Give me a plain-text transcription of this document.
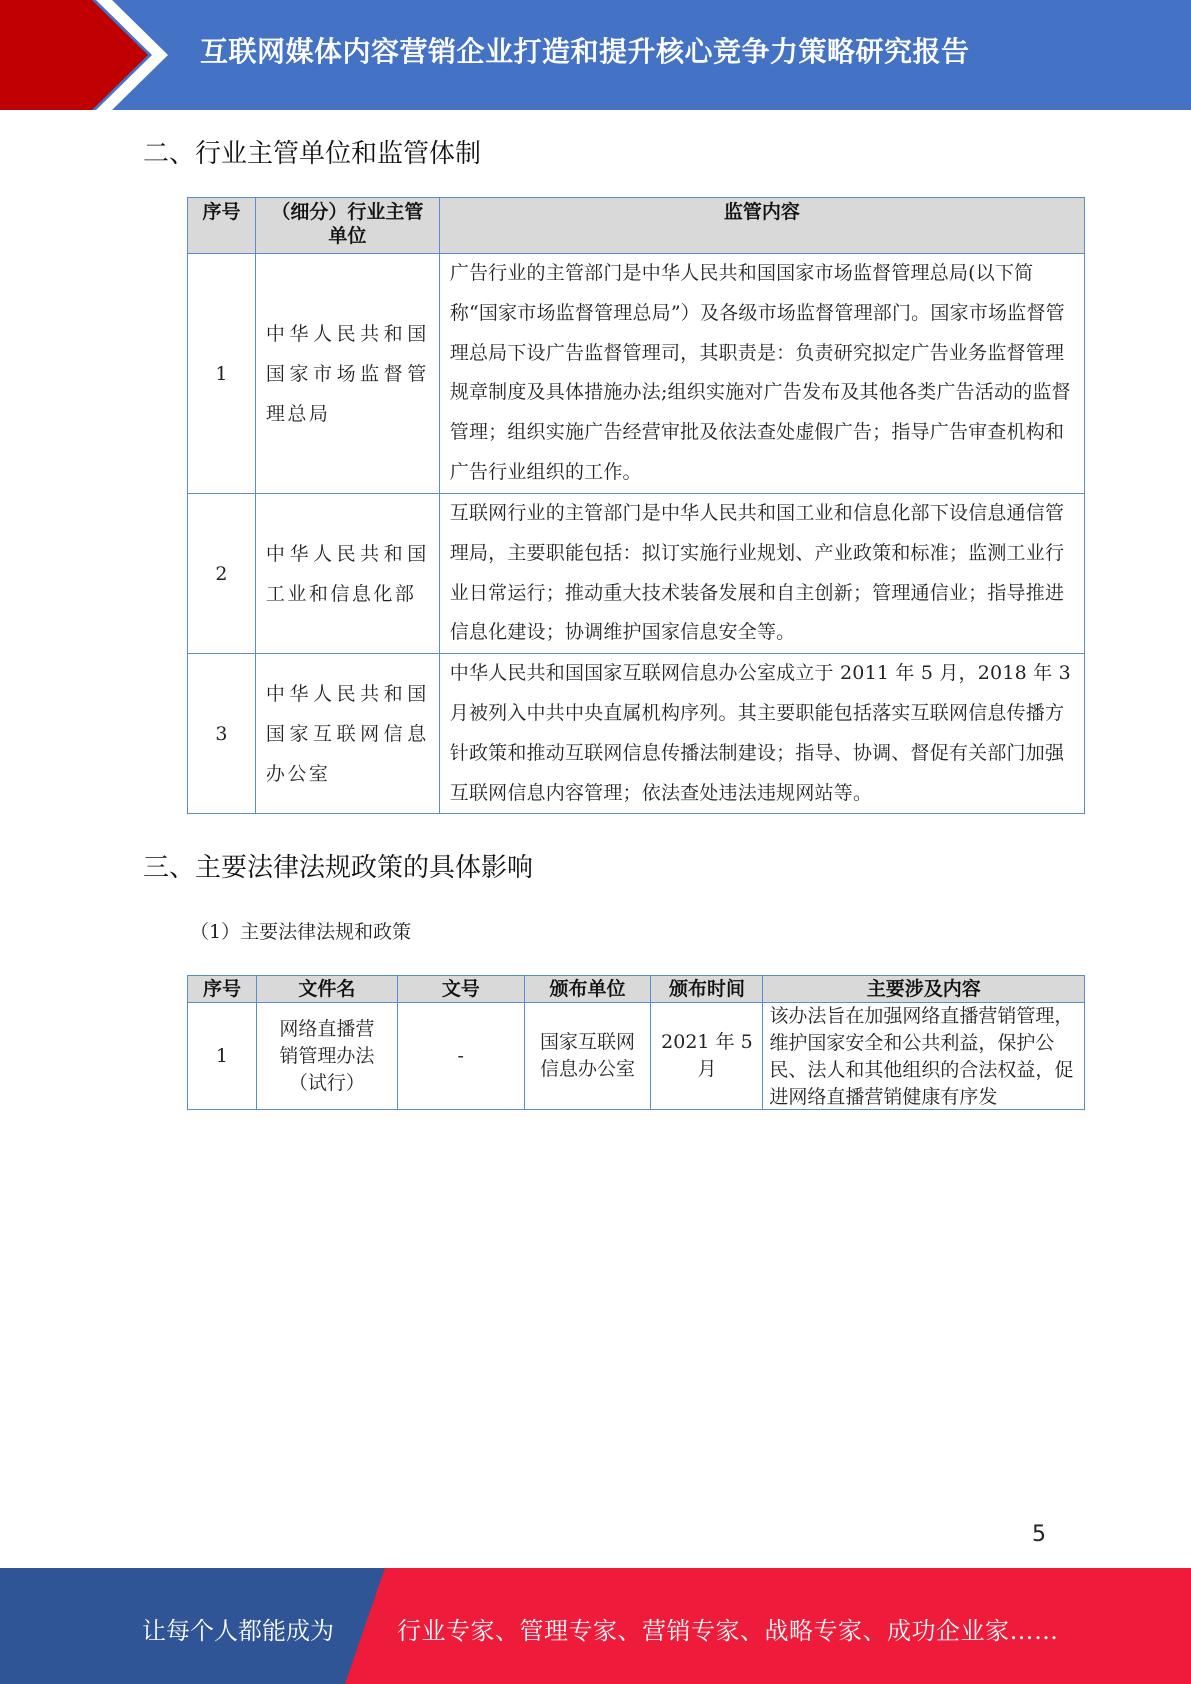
互联网媒体内容营销企业打造和提升核心竞争力策略研究报告
二、行业主管单位和监管体制
序号	（细分）行业主管单位	监管内容
1	中华人民共和国国家市场监督管理总局	广告行业的主管部门是中华人民共和国国家市场监督管理总局(以下简称“国家市场监督管理总局”）及各级市场监督管理部门。国家市场监督管理总局下设广告监督管理司，其职责是：负责研究拟定广告业务监督管理规章制度及具体措施办法;组织实施对广告发布及其他各类广告活动的监督管理；组织实施广告经营审批及依法查处虚假广告；指导广告审查机构和广告行业组织的工作。
2	中华人民共和国工业和信息化部	互联网行业的主管部门是中华人民共和国工业和信息化部下设信息通信管理局，主要职能包括：拟订实施行业规划、产业政策和标准；监测工业行业日常运行；推动重大技术装备发展和自主创新；管理通信业；指导推进信息化建设；协调维护国家信息安全等。
3	中华人民共和国国家互联网信息办公室	中华人民共和国国家互联网信息办公室成立于 2011 年 5 月，2018 年 3 月被列入中共中央直属机构序列。其主要职能包括落实互联网信息传播方针政策和推动互联网信息传播法制建设；指导、协调、督促有关部门加强互联网信息内容管理；依法查处违法违规网站等。
三、主要法律法规政策的具体影响
（1）主要法律法规和政策
序号	文件名	文号	颁布单位	颁布时间	主要涉及内容
1	网络直播营销管理办法（试行）	-	国家互联网信息办公室	2021 年 5 月	该办法旨在加强网络直播营销管理，维护国家安全和公共利益，保护公民、法人和其他组织的合法权益，促进网络直播营销健康有序发
5
让每个人都能成为	行业专家、管理专家、营销专家、战略专家、成功企业家……
